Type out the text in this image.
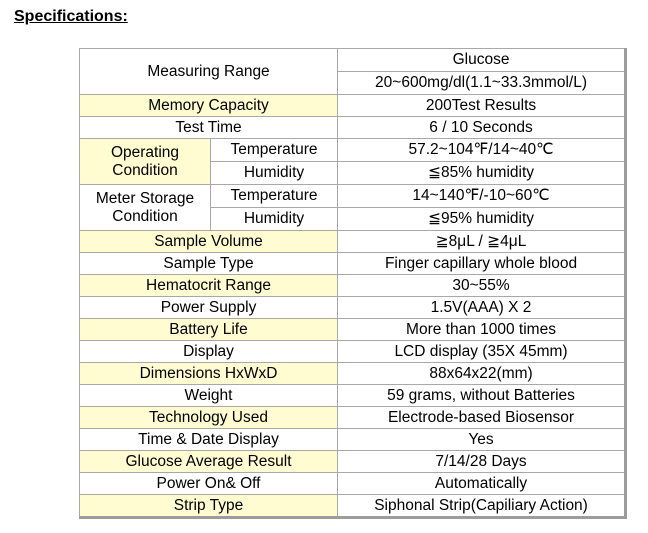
Specifications:
Measuring Range		Glucose
		20~600mg/dl(1.1~33.3mmol/L)
Memory Capacity		200Test Results
Test Time		6 / 10 Seconds
Operating
Condition	Temperature	57.2~104℉/14~40℃
	Humidity	≦85% humidity
Meter Storage
Condition	Temperature	14~140℉/-10~60℃
	Humidity	≦95% humidity
Sample Volume		≧8μL / ≧4μL
Sample Type		Finger capillary whole blood
Hematocrit Range		30~55%
Power Supply		1.5V(AAA) X 2
Battery Life		More than 1000 times
Display		LCD display (35X 45mm)
Dimensions HxWxD		88x64x22(mm)
Weight		59 grams, without Batteries
Technology Used		Electrode-based Biosensor
Time & Date Display		Yes
Glucose Average Result		7/14/28 Days
Power On& Off		Automatically
Strip Type		Siphonal Strip(Capiliary Action)
